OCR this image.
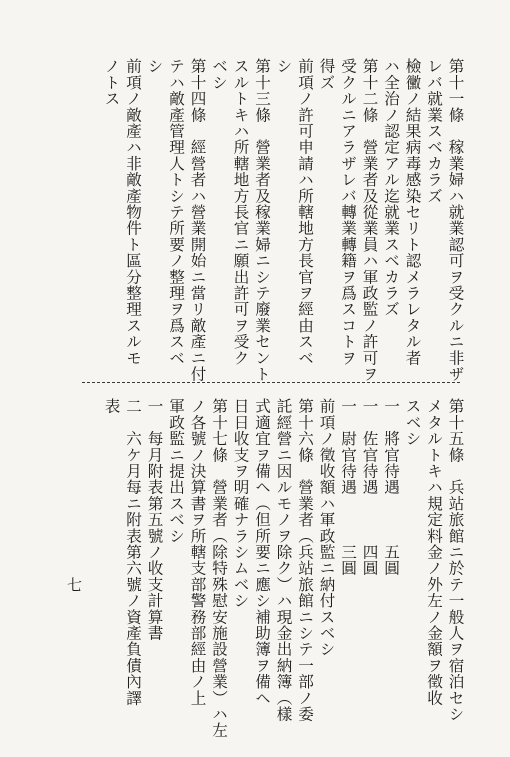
第十一條　稼業婦ハ就業認可ヲ受クルニ非ザ
レバ就業スベカラズ
檢黴ノ結果病毒感染セリト認メラレタル者
ハ全治ノ認定アル迄就業スベカラズ
第十二條　營業者及從業員ハ軍政監ノ許可ヲ
受クルニアラザレバ轉業轉籍ヲ爲スコトヲ
得ズ
前項ノ許可申請ハ所轄地方長官ヲ經由スベ
シ
第十三條　營業者及稼業婦ニシテ廢業セント
スルトキハ所轄地方長官ニ願出許可ヲ受ク
ベシ
第十四條　經營者ハ營業開始ニ當リ敵產ニ付
テハ敵產管理人トシテ所要ノ整理ヲ爲スベ
シ
前項ノ敵產ハ非敵產物件ト區分整理スルモ
ノトス
第十五條　兵站旅館ニ於テ一般人ヲ宿泊セシ
メタルトキハ規定料金ノ外左ノ金額ヲ徵收
スベシ
一　將官待遇　　　五圓
一　佐官待遇　　　四圓
一　尉官待遇　　　三圓
前項ノ徵收額ハ軍政監ニ納付スベシ
第十六條　營業者（兵站旅館ニシテ一部ノ委
託經營ニ因ルモノヲ除ク）ハ現金出納簿（樣
式適宜ヲ備ヘ（但所要ニ應シ補助簿ヲ備ヘ
日日收支ヲ明確ナラシムベシ
第十七條　營業者（除特殊慰安施設營業）ハ左
ノ各號ノ決算書ヲ所轄支部警務部經由ノ上
軍政監ニ提出スベシ
一　每月附表第五號ノ收支計算書
二　六ケ月每ニ附表第六號ノ資產負債內譯
表
七
